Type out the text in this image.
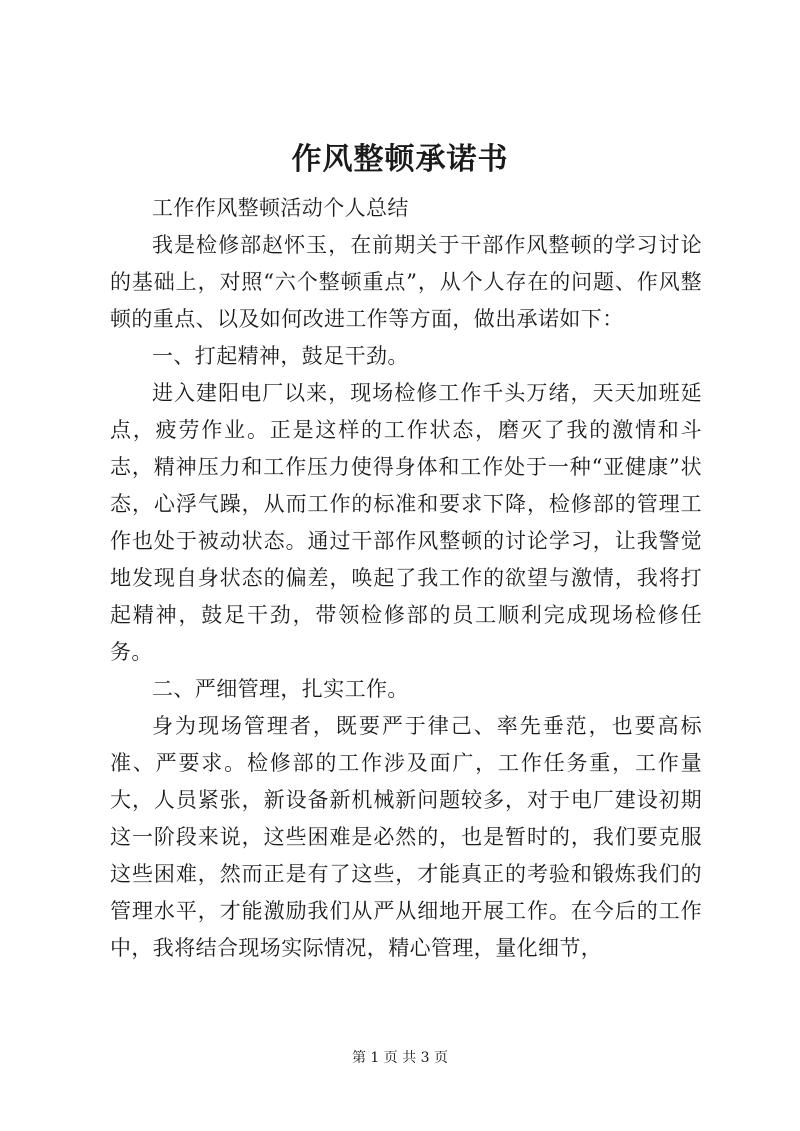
作风整顿承诺书

工作作风整顿活动个人总结

我是检修部赵怀玉，在前期关于干部作风整顿的学习讨论的基础上，对照“六个整顿重点”，从个人存在的问题、作风整顿的重点、以及如何改进工作等方面，做出承诺如下：

一、打起精神，鼓足干劲。

进入建阳电厂以来，现场检修工作千头万绪，天天加班延点，疲劳作业。正是这样的工作状态，磨灭了我的激情和斗志，精神压力和工作压力使得身体和工作处于一种“亚健康”状态，心浮气躁，从而工作的标准和要求下降，检修部的管理工作也处于被动状态。通过干部作风整顿的讨论学习，让我警觉地发现自身状态的偏差，唤起了我工作的欲望与激情，我将打起精神，鼓足干劲，带领检修部的员工顺利完成现场检修任务。

二、严细管理，扎实工作。

身为现场管理者，既要严于律己、率先垂范，也要高标准、严要求。检修部的工作涉及面广，工作任务重，工作量大，人员紧张，新设备新机械新问题较多，对于电厂建设初期这一阶段来说，这些困难是必然的，也是暂时的，我们要克服这些困难，然而正是有了这些，才能真正的考验和锻炼我们的管理水平，才能激励我们从严从细地开展工作。在今后的工作中，我将结合现场实际情况，精心管理，量化细节，

第 1 页 共 3 页
